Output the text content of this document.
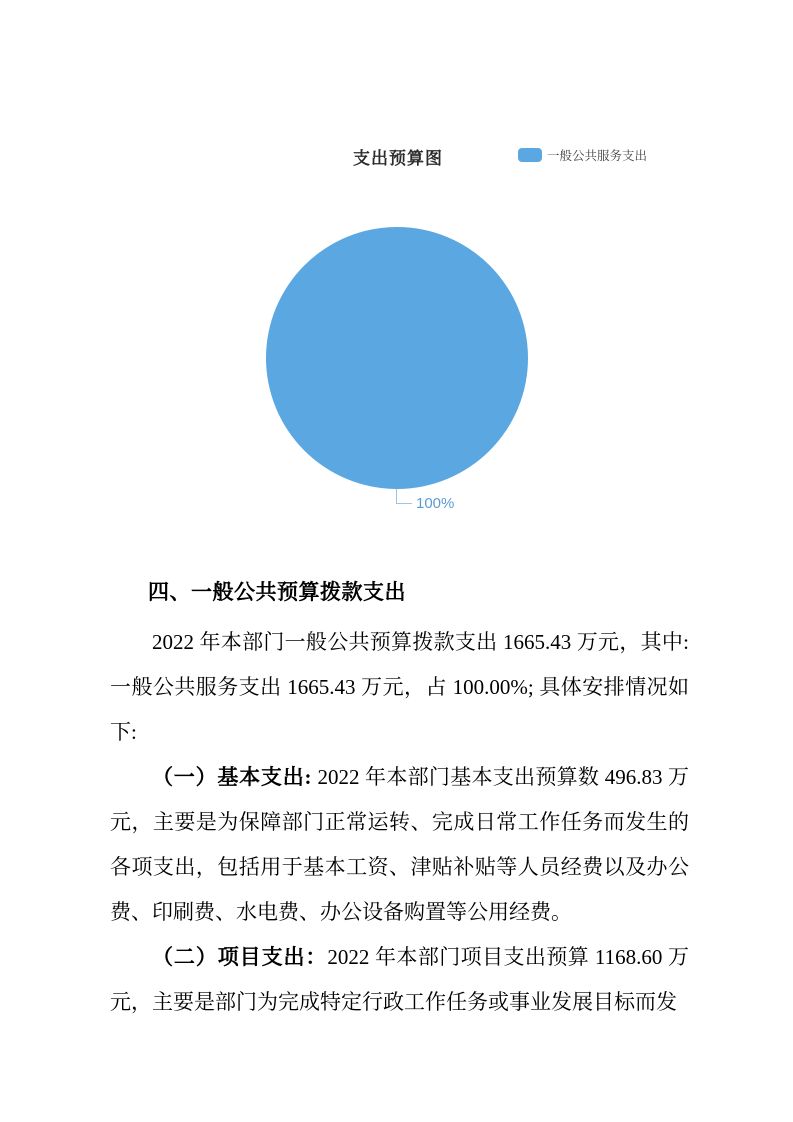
支出预算图	一般公共服务支出
100%
四、一般公共预算拨款支出

2022 年本部门一般公共预算拨款支出 1665.43 万元，其中: 一般公共服务支出 1665.43 万元，占 100.00%; 具体安排情况如下:

（一）基本支出: 2022 年本部门基本支出预算数 496.83 万元，主要是为保障部门正常运转、完成日常工作任务而发生的各项支出，包括用于基本工资、津贴补贴等人员经费以及办公费、印刷费、水电费、办公设备购置等公用经费。

（二）项目支出：2022 年本部门项目支出预算 1168.60 万元，主要是部门为完成特定行政工作任务或事业发展目标而发
